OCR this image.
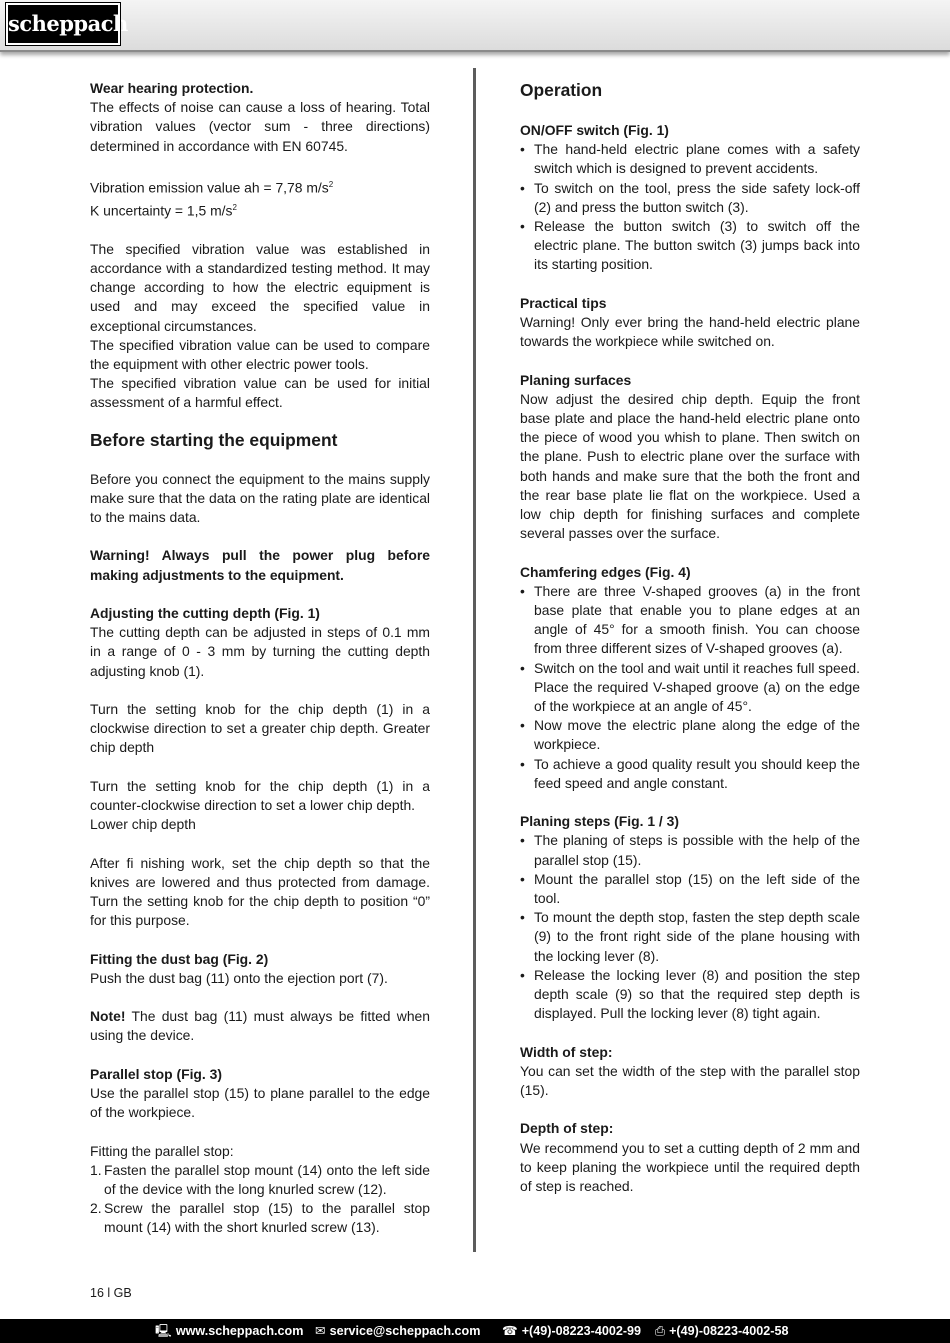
scheppach

Wear hearing protection.

The effects of noise can cause a loss of hearing. Total vibration values (vector sum - three directions) determined in accordance with EN 60745.

Vibration emission value ah = 7,78 $m/s^2$

K uncertainty = 1,5 $m/s^2$

The specified vibration value was established in accordance with a standardized testing method. It may change according to how the electric equipment is used and may exceed the specified value in exceptional circumstances.

The specified vibration value can be used to compare the equipment with other electric power tools.

The specified vibration value can be used for initial assessment of a harmful effect.

Before starting the equipment

Before you connect the equipment to the mains supply make sure that the data on the rating plate are identical to the mains data.

Warning! Always pull the power plug before making adjustments to the equipment.

Adjusting the cutting depth (Fig. 1)

The cutting depth can be adjusted in steps of 0.1 mm in a range of 0 - 3 mm by turning the cutting depth adjusting knob (1).

Turn the setting knob for the chip depth (1) in a clockwise direction to set a greater chip depth. Greater chip depth

Turn the setting knob for the chip depth (1) in a counter-clockwise direction to set a lower chip depth.

Lower chip depth

After fi nishing work, set the chip depth so that the knives are lowered and thus protected from damage. Turn the setting knob for the chip depth to position “0” for this purpose.

Fitting the dust bag (Fig. 2)

Push the dust bag (11) onto the ejection port (7).

Note! The dust bag (11) must always be fitted when using the device.

Parallel stop (Fig. 3)

Use the parallel stop (15) to plane parallel to the edge of the workpiece.

Fitting the parallel stop:

1. Fasten the parallel stop mount (14) onto the left side of the device with the long knurled screw (12).
2. Screw the parallel stop (15) to the parallel stop mount (14) with the short knurled screw (13).

Operation

ON/OFF switch (Fig. 1)

• The hand-held electric plane comes with a safety switch which is designed to prevent accidents.
• To switch on the tool, press the side safety lock-off (2) and press the button switch (3).
• Release the button switch (3) to switch off the electric plane. The button switch (3) jumps back into its starting position.

Practical tips

Warning! Only ever bring the hand-held electric plane towards the workpiece while switched on.

Planing surfaces

Now adjust the desired chip depth. Equip the front base plate and place the hand-held electric plane onto the piece of wood you whish to plane. Then switch on the plane. Push to electric plane over the surface with both hands and make sure that the both the front and the rear base plate lie flat on the workpiece. Used a low chip depth for finishing surfaces and complete several passes over the surface.

Chamfering edges (Fig. 4)

• There are three V-shaped grooves (a) in the front base plate that enable you to plane edges at an angle of 45° for a smooth finish. You can choose from three different sizes of V-shaped grooves (a).
• Switch on the tool and wait until it reaches full speed. Place the required V-shaped groove (a) on the edge of the workpiece at an angle of 45°.
• Now move the electric plane along the edge of the workpiece.
• To achieve a good quality result you should keep the feed speed and angle constant.

Planing steps (Fig. 1 / 3)

• The planing of steps is possible with the help of the parallel stop (15).
• Mount the parallel stop (15) on the left side of the tool.
• To mount the depth stop, fasten the step depth scale (9) to the front right side of the plane housing with the locking lever (8).
• Release the locking lever (8) and position the step depth scale (9) so that the required step depth is displayed. Pull the locking lever (8) tight again.

Width of step:

You can set the width of the step with the parallel stop (15).

Depth of step:

We recommend you to set a cutting depth of 2 mm and to keep planing the workpiece until the required depth of step is reached.

16 l GB
🖳 www.scheppach.com ✉ service@scheppach.com ☎ +(49)-08223-4002-99 ⎙ +(49)-08223-4002-58
